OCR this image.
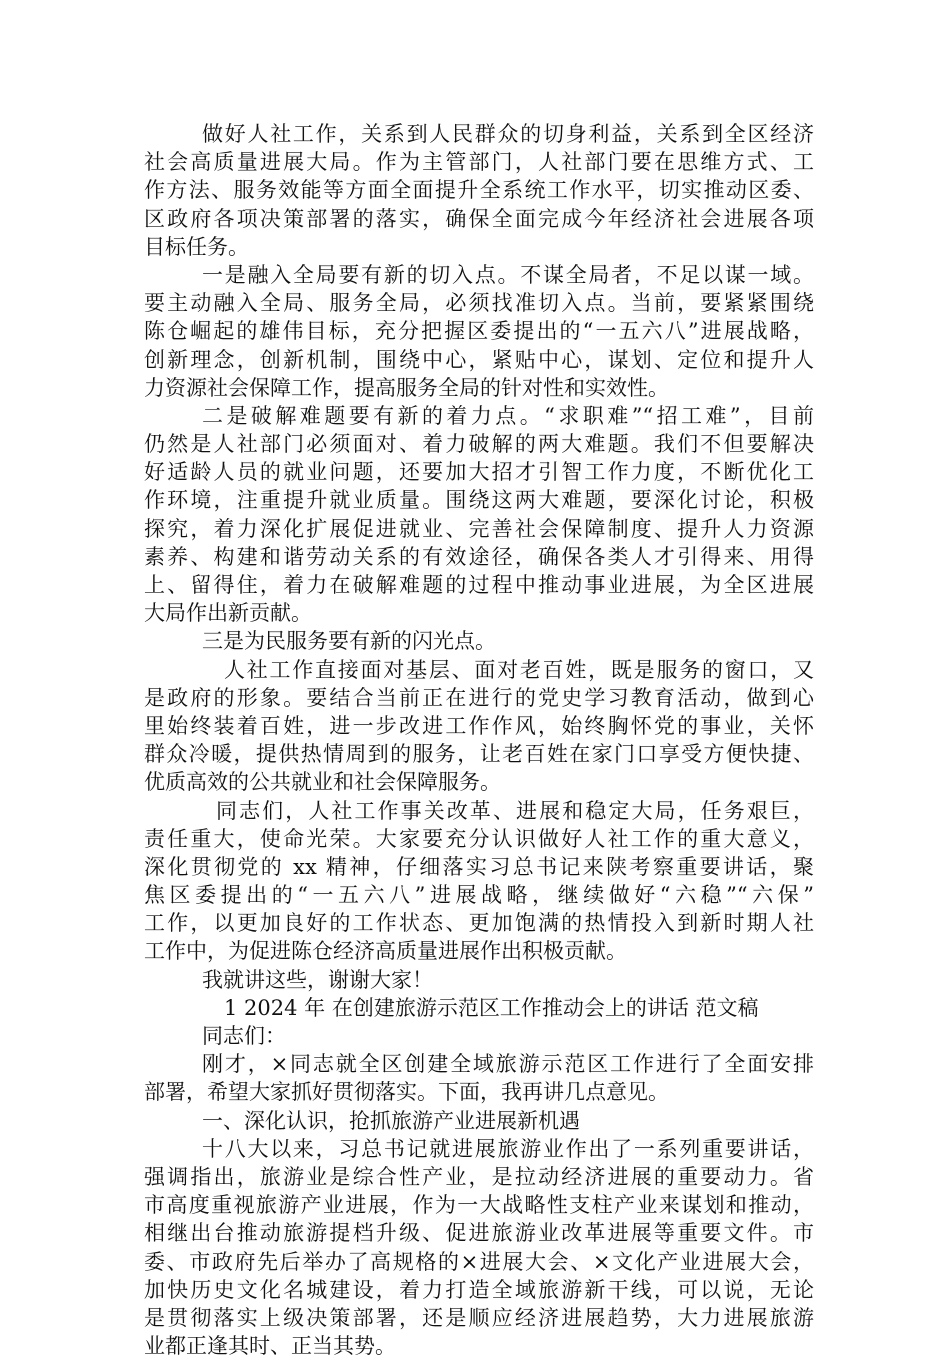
做好人社工作，关系到人民群众的切身利益，关系到全区经济
社会高质量进展大局。作为主管部门，人社部门要在思维方式、工
作方法、服务效能等方面全面提升全系统工作水平，切实推动区委、
区政府各项决策部署的落实，确保全面完成今年经济社会进展各项
目标任务。
一是融入全局要有新的切入点。不谋全局者，不足以谋一域。
要主动融入全局、服务全局，必须找准切入点。当前，要紧紧围绕
陈仓崛起的雄伟目标，充分把握区委提出的“一五六八”进展战略，
创新理念，创新机制，围绕中心，紧贴中心，谋划、定位和提升人
力资源社会保障工作，提高服务全局的针对性和实效性。
二是破解难题要有新的着力点。“求职难”“招工难”，目前
仍然是人社部门必须面对、着力破解的两大难题。我们不但要解决
好适龄人员的就业问题，还要加大招才引智工作力度，不断优化工
作环境，注重提升就业质量。围绕这两大难题，要深化讨论，积极
探究，着力深化扩展促进就业、完善社会保障制度、提升人力资源
素养、构建和谐劳动关系的有效途径，确保各类人才引得来、用得
上、留得住，着力在破解难题的过程中推动事业进展，为全区进展
大局作出新贡献。
三是为民服务要有新的闪光点。
人社工作直接面对基层、面对老百姓，既是服务的窗口，又
是政府的形象。要结合当前正在进行的党史学习教育活动，做到心
里始终装着百姓，进一步改进工作作风，始终胸怀党的事业，关怀
群众冷暖，提供热情周到的服务，让老百姓在家门口享受方便快捷、
优质高效的公共就业和社会保障服务。
同志们，人社工作事关改革、进展和稳定大局，任务艰巨，
责任重大，使命光荣。大家要充分认识做好人社工作的重大意义，
深化贯彻党的 xx 精神，仔细落实习总书记来陕考察重要讲话，聚
焦区委提出的“一五六八”进展战略，继续做好“六稳”“六保”
工作，以更加良好的工作状态、更加饱满的热情投入到新时期人社
工作中，为促进陈仓经济高质量进展作出积极贡献。
我就讲这些，谢谢大家！
1 2024 年 在创建旅游示范区工作推动会上的讲话 范文稿
同志们：
刚才，×同志就全区创建全域旅游示范区工作进行了全面安排
部署，希望大家抓好贯彻落实。下面，我再讲几点意见。
一、深化认识，抢抓旅游产业进展新机遇
十八大以来，习总书记就进展旅游业作出了一系列重要讲话，
强调指出，旅游业是综合性产业，是拉动经济进展的重要动力。省
市高度重视旅游产业进展，作为一大战略性支柱产业来谋划和推动，
相继出台推动旅游提档升级、促进旅游业改革进展等重要文件。市
委、市政府先后举办了高规格的×进展大会、×文化产业进展大会，
加快历史文化名城建设，着力打造全域旅游新干线，可以说，无论
是贯彻落实上级决策部署，还是顺应经济进展趋势，大力进展旅游
业都正逢其时、正当其势。
